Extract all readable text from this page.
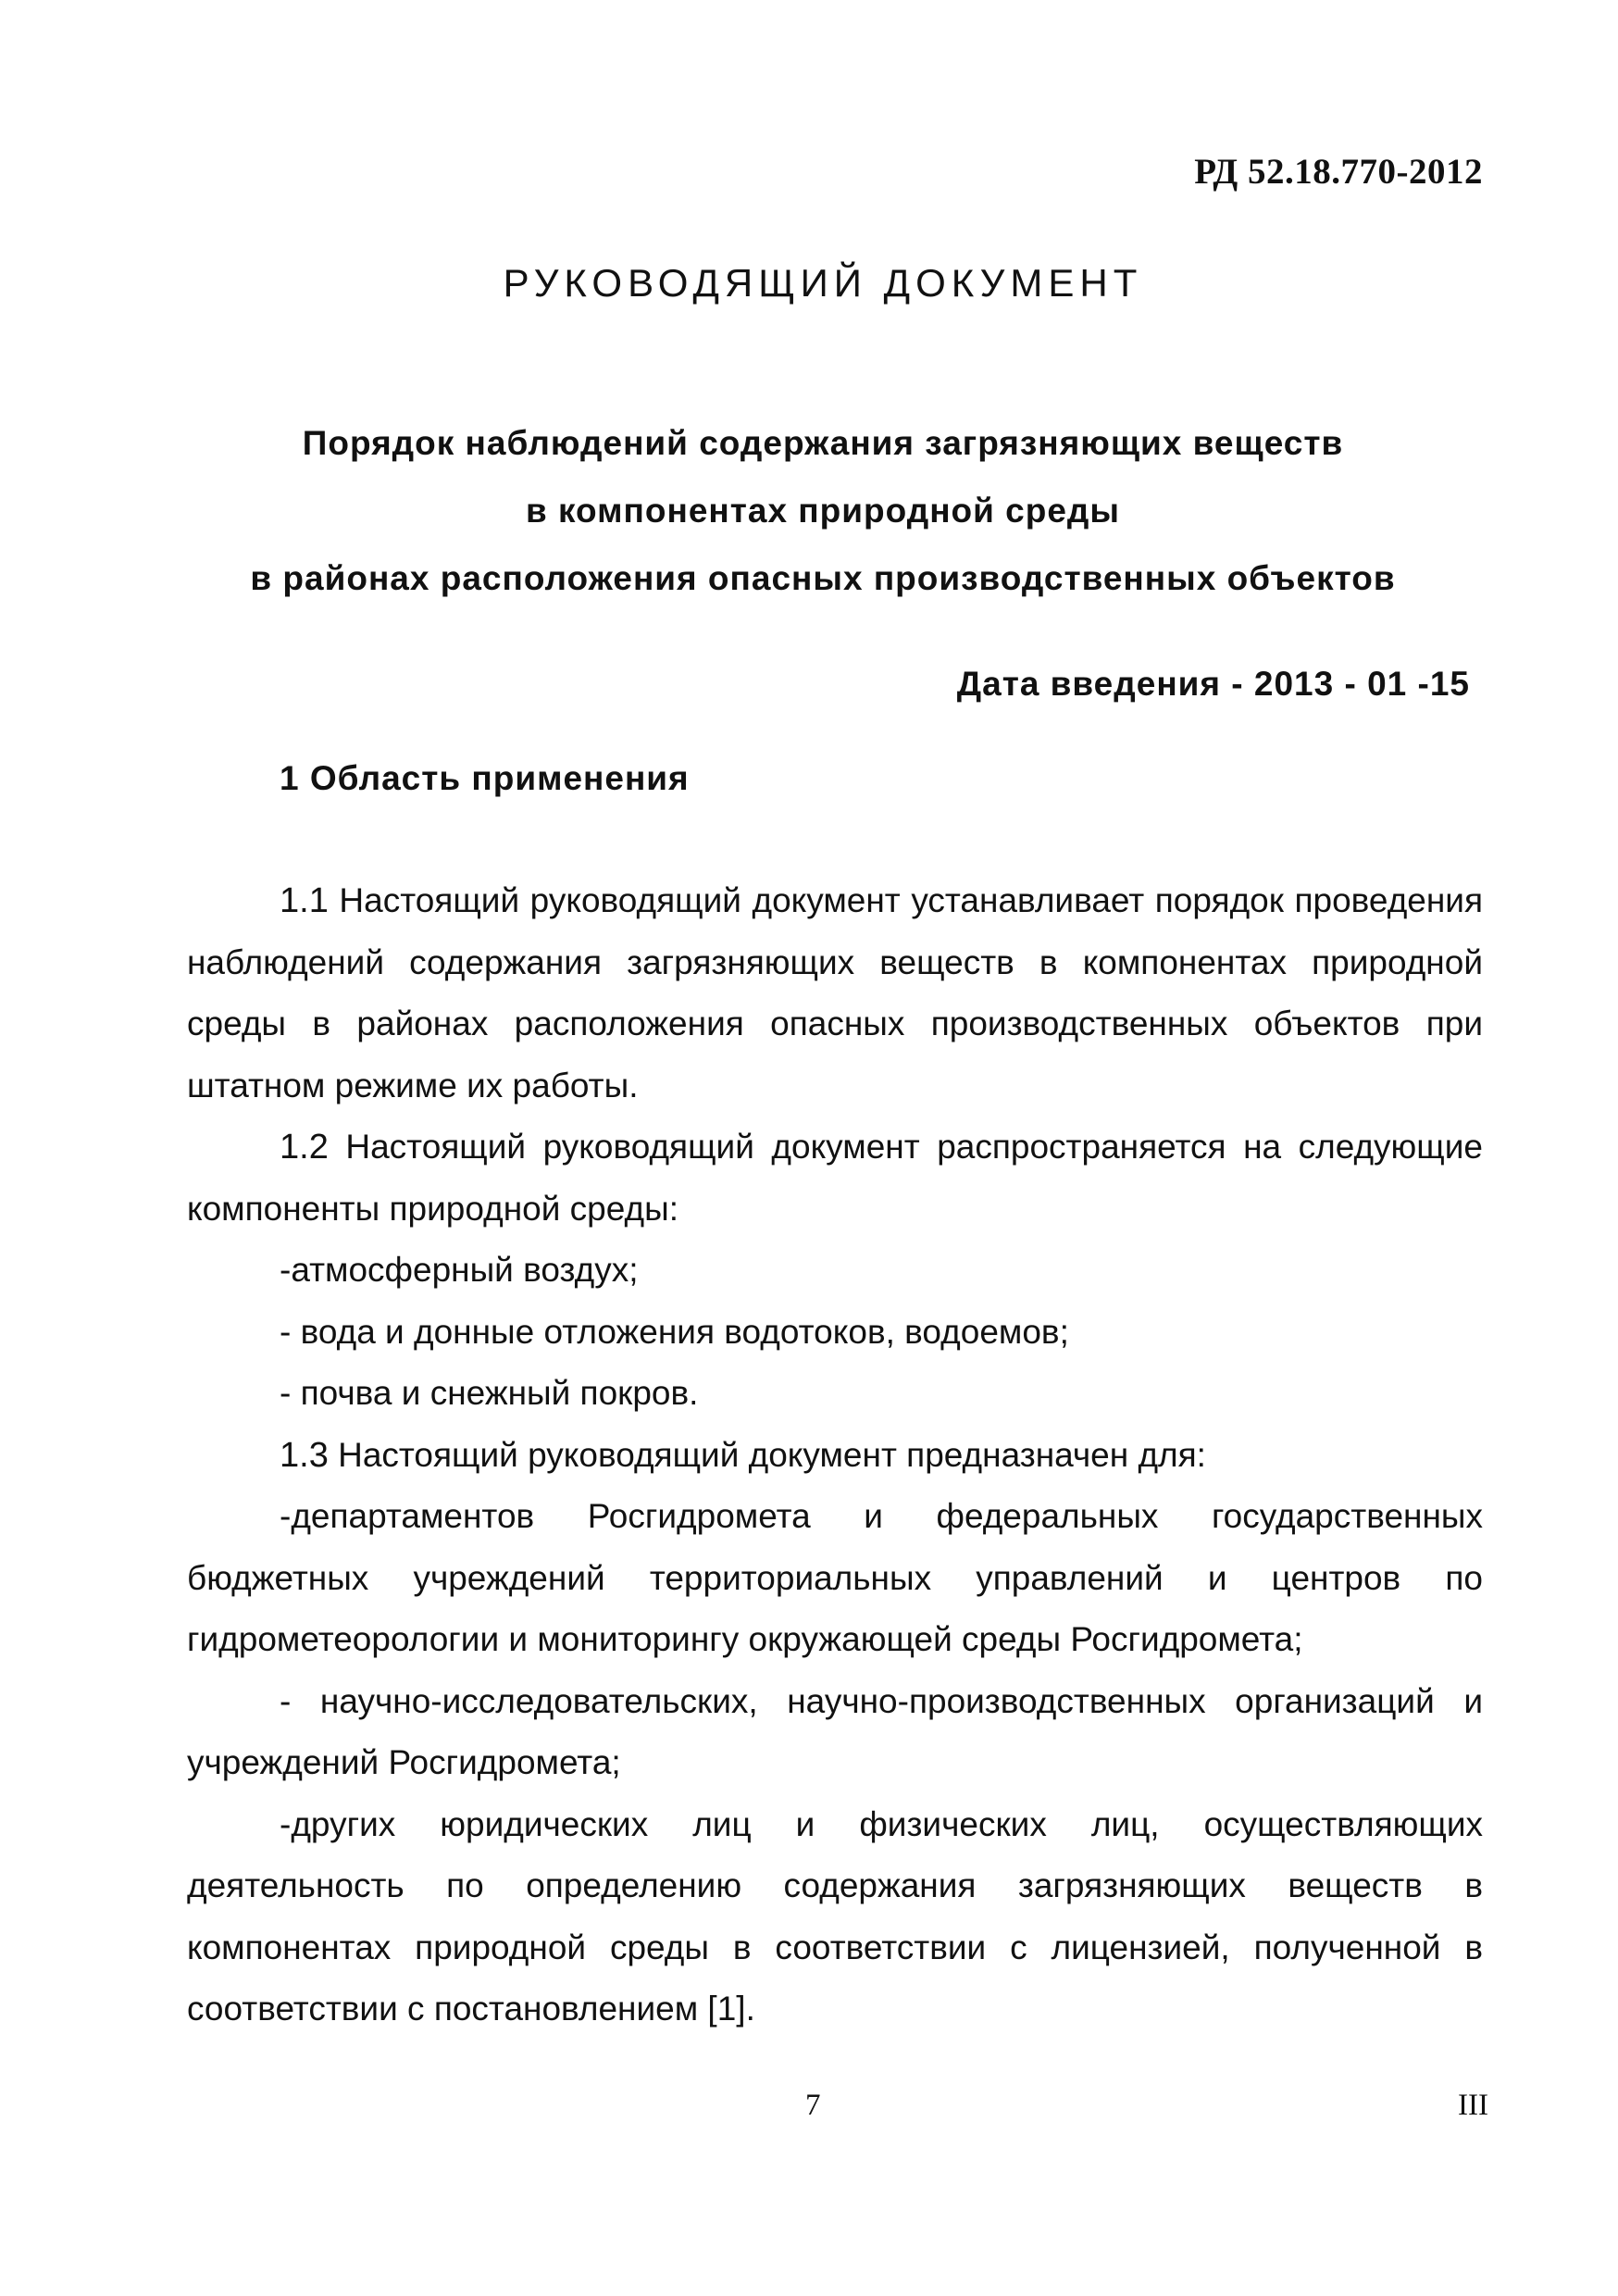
РД 52.18.770-2012
РУКОВОДЯЩИЙ ДОКУМЕНТ
Порядок наблюдений содержания загрязняющих веществ
в компонентах природной среды
в районах расположения опасных производственных объектов
Дата введения - 2013 - 01 -15
1 Область применения

1.1 Настоящий руководящий документ устанавливает порядок проведения наблюдений содержания загрязняющих веществ в компонентах природной среды в районах расположения опасных производственных объектов при штатном режиме их работы.

1.2 Настоящий руководящий документ распространяется на следующие компоненты природной среды:

-атмосферный воздух;

- вода и донные отложения водотоков, водоемов;

- почва и снежный покров.

1.3 Настоящий руководящий документ предназначен для:

-департаментов Росгидромета и федеральных государственных бюджетных учреждений территориальных управлений и центров по гидрометеорологии и мониторингу окружающей среды Росгидромета;

- научно-исследовательских, научно-производственных организаций и учреждений Росгидромета;

-других юридических лиц и физических лиц, осуществляющих деятельность по определению содержания загрязняющих веществ в компонентах природной среды в соответствии с лицензией, полученной в соответствии с постановлением [1].

7	III
